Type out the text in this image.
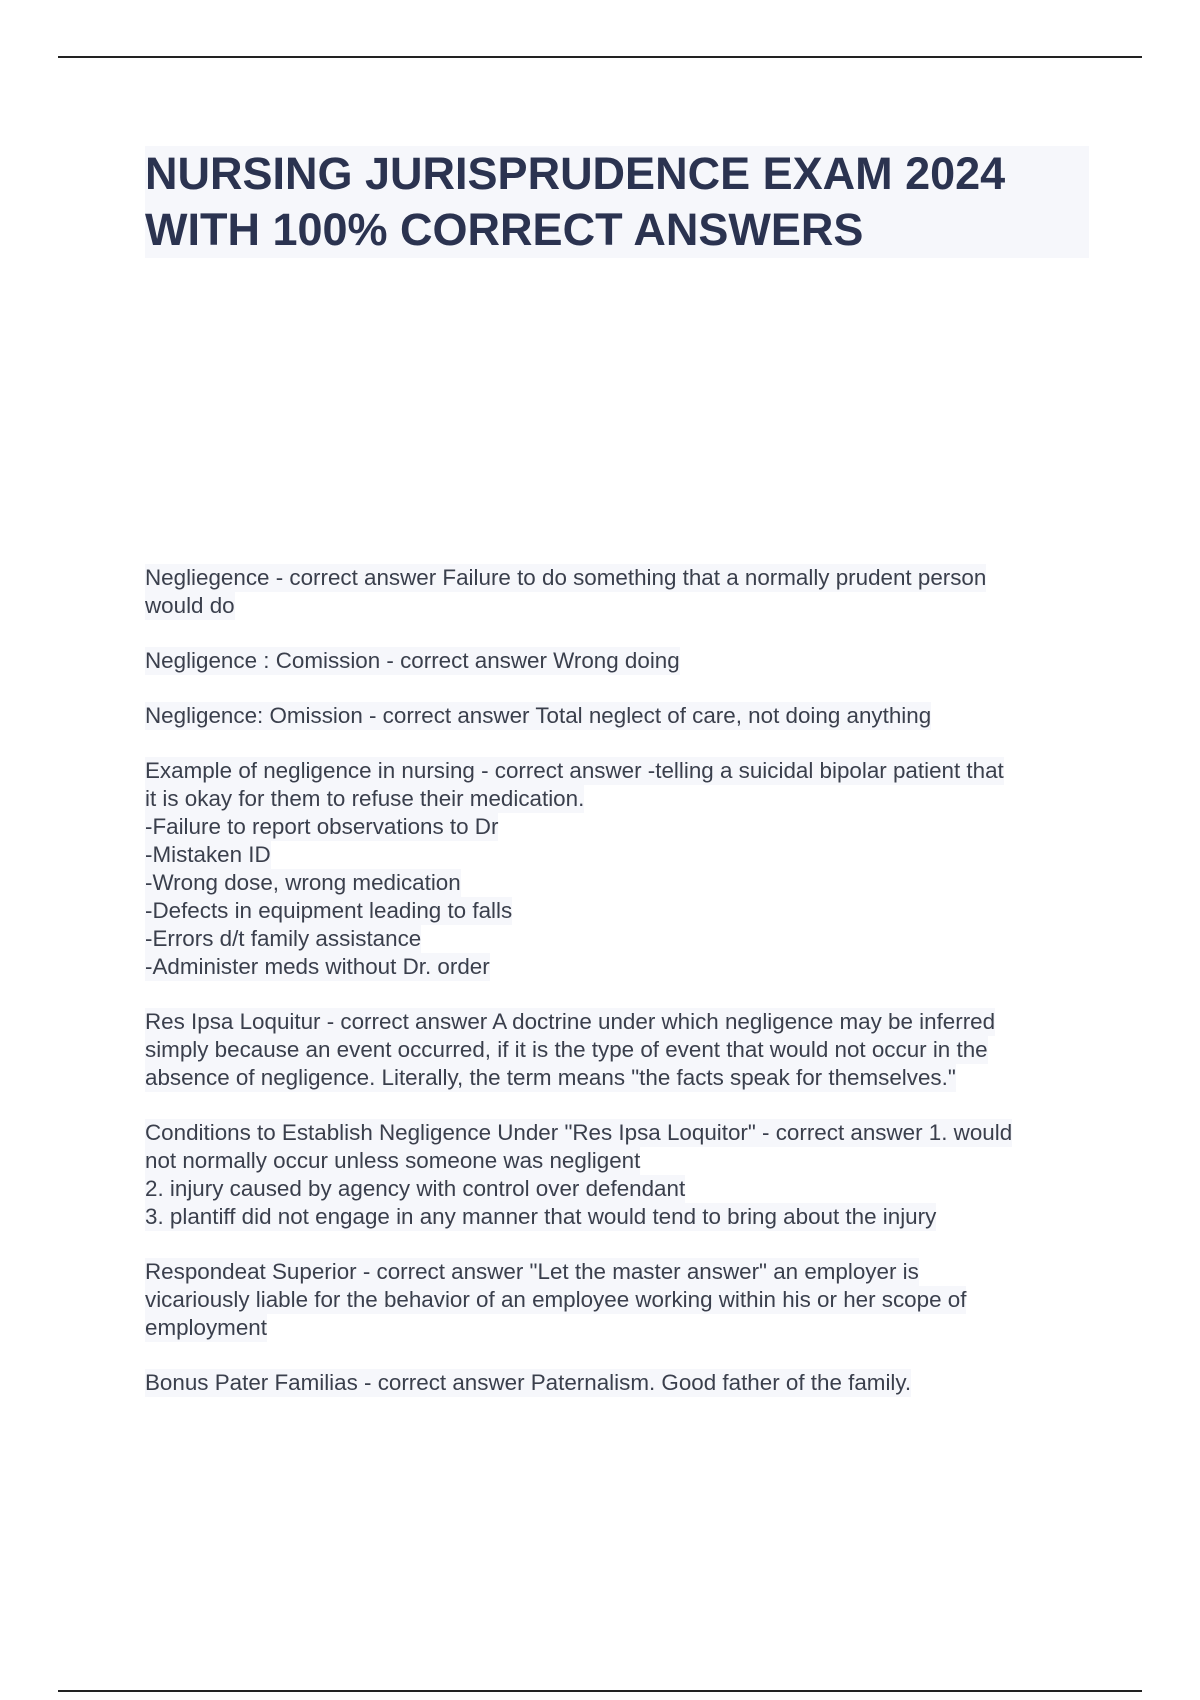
NURSING JURISPRUDENCE EXAM 2024
WITH 100% CORRECT ANSWERS
Negliegence - correct answer Failure to do something that a normally prudent person
would do
Negligence : Comission - correct answer Wrong doing
Negligence: Omission - correct answer Total neglect of care, not doing anything
Example of negligence in nursing - correct answer -telling a suicidal bipolar patient that
it is okay for them to refuse their medication.
-Failure to report observations to Dr
-Mistaken ID
-Wrong dose, wrong medication
-Defects in equipment leading to falls
-Errors d/t family assistance
-Administer meds without Dr. order
Res Ipsa Loquitur - correct answer A doctrine under which negligence may be inferred
simply because an event occurred, if it is the type of event that would not occur in the
absence of negligence. Literally, the term means "the facts speak for themselves."
Conditions to Establish Negligence Under "Res Ipsa Loquitor" - correct answer 1. would
not normally occur unless someone was negligent
2. injury caused by agency with control over defendant
3. plantiff did not engage in any manner that would tend to bring about the injury
Respondeat Superior - correct answer "Let the master answer" an employer is
vicariously liable for the behavior of an employee working within his or her scope of
employment
Bonus Pater Familias - correct answer Paternalism. Good father of the family.
